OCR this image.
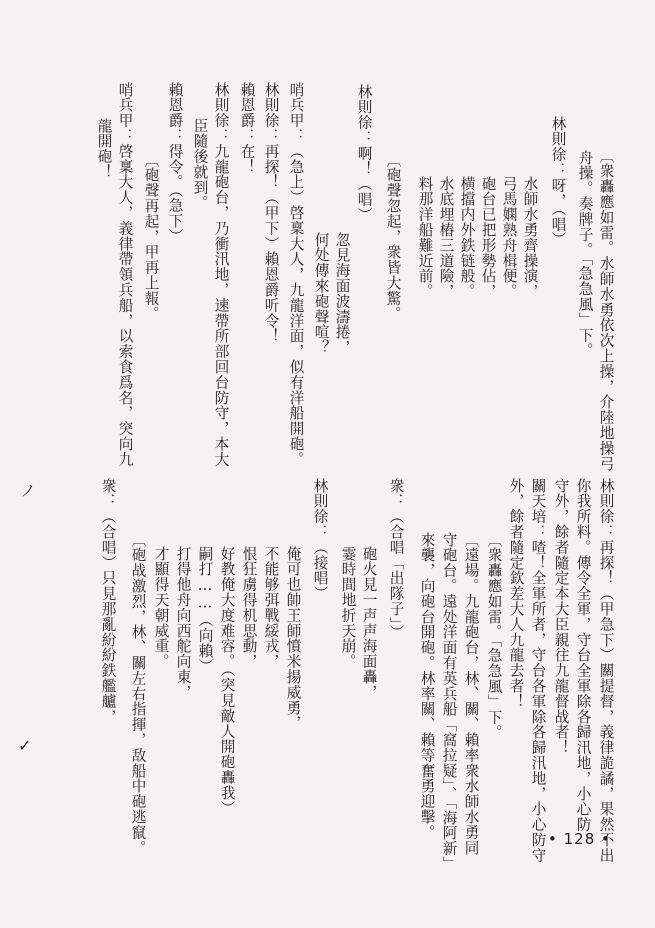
〔衆轟應如雷。水師水勇依次上操，介陸地操弓
舟操。奏牌子。「急急風」下。
林則徐：呀，（唱）
水師水勇齊操演，
弓馬嫻熟舟楫便。
砲台已把形勢佔，
横擋内外鉄链般。
水底埋樁三道險，
料那洋船難近前。
〔砲聲忽起，衆皆大驚。
林則徐：啊！（唱）
忽見海面波濤捲，
何处傳來砲聲喧？
哨兵甲：（急上）啓稟大人，九龍洋面，似有洋船開砲。
林則徐：再探！（甲下）賴恩爵听令！
賴恩爵：在！
林則徐：九龍砲台，乃衝汛地，速帶所部回台防守，本大
臣隨後就到。
賴恩爵：得令。（急下）
〔砲聲再起，甲再上報。
哨兵甲：啓稟大人，義律帶領兵船，以索食爲名，突向九
龍開砲！
林則徐：再探！（甲急下）關提督，義律詭譎，果然不出
你我所料。傳令全軍，守台全軍除各歸汛地，小心防
守外，餘者隨定本大臣親往九龍督战者！
關天培：喳！全軍所者，守台各軍除各歸汛地，小心防守
外，餘者隨定欽差大人九龍去者！
〔衆轟應如雷。「急急風」下。
〔遠場。九龍砲台，林、關、賴率衆水師水勇同
守砲台。遠处洋面有英兵船「窩拉疑」、「海阿新」
來襲，向砲台開砲。林率關、賴等奮勇迎擊。
衆：（合唱「出隊子」）
砲火見一声声海面轟，
霎時間地折天崩。
林則徐：（接唱）
俺可也帥王師憤米揚威勇，
不能够弭戰綏戎，
恨狂虜得机思動，
好教俺大度难容。（突見敵人開砲轟我）
嗣打……（向賴）
打得他舟向西舵向東，
才顯得天朝威重。
〔砲战激烈，林、關左右指揮，敌船中砲逃竄。
衆：（合唱）只見那亂紛紛鉄艦艫，
ノ
✓
• 128 •
